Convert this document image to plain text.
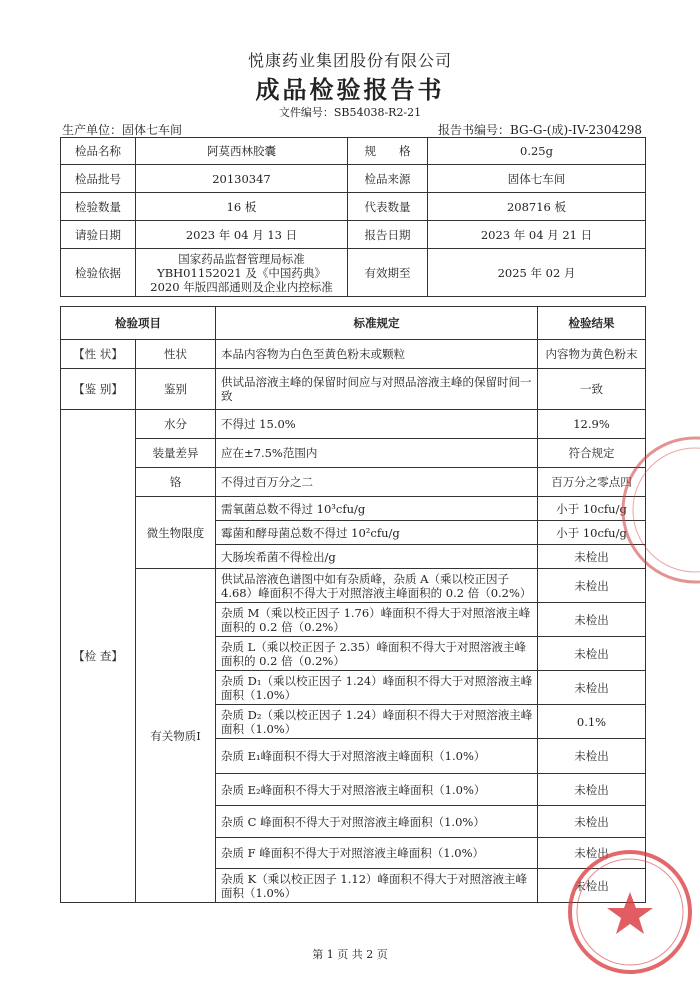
悦康药业集团股份有限公司
成品检验报告书
文件编号：SB54038-R2-21
生产单位：固体七车间	报告书编号：BG-G-(成)-IV-2304298
检品名称	阿莫西林胶囊	规　　格	0.25g
检品批号	20130347	检品来源	固体七车间
检验数量	16 板	代表数量	208716 板
请验日期	2023 年 04 月 13 日	报告日期	2023 年 04 月 21 日
检验依据	国家药品监督管理局标准 YBH01152021 及《中国药典》2020 年版四部通则及企业内控标准	有效期至	2025 年 02 月
检验项目		标准规定	检验结果
【性 状】	性状	本品内容物为白色至黄色粉末或颗粒	内容物为黄色粉末
【鉴 别】	鉴别	供试品溶液主峰的保留时间应与对照品溶液主峰的保留时间一致	一致
【检 查】	水分	不得过 15.0%	12.9%
	装量差异	应在±7.5%范围内	符合规定
	铬	不得过百万分之二	百万分之零点四
	微生物限度	需氧菌总数不得过 10³cfu/g	小于 10cfu/g
		霉菌和酵母菌总数不得过 10²cfu/g	小于 10cfu/g
		大肠埃希菌不得检出/g	未检出
	有关物质Ⅰ	供试品溶液色谱图中如有杂质峰，杂质 A（乘以校正因子 4.68）峰面积不得大于对照溶液主峰面积的 0.2 倍（0.2%）	未检出
		杂质 M（乘以校正因子 1.76）峰面积不得大于对照溶液主峰面积的 0.2 倍（0.2%）	未检出
		杂质 L（乘以校正因子 2.35）峰面积不得大于对照溶液主峰面积的 0.2 倍（0.2%）	未检出
		杂质 D₁（乘以校正因子 1.24）峰面积不得大于对照溶液主峰面积（1.0%）	未检出
		杂质 D₂（乘以校正因子 1.24）峰面积不得大于对照溶液主峰面积（1.0%）	0.1%
		杂质 E₁峰面积不得大于对照溶液主峰面积（1.0%）	未检出
		杂质 E₂峰面积不得大于对照溶液主峰面积（1.0%）	未检出
		杂质 C 峰面积不得大于对照溶液主峰面积（1.0%）	未检出
		杂质 F 峰面积不得大于对照溶液主峰面积（1.0%）	未检出
		杂质 K（乘以校正因子 1.12）峰面积不得大于对照溶液主峰面积（1.0%）	未检出
第 1 页 共 2 页
